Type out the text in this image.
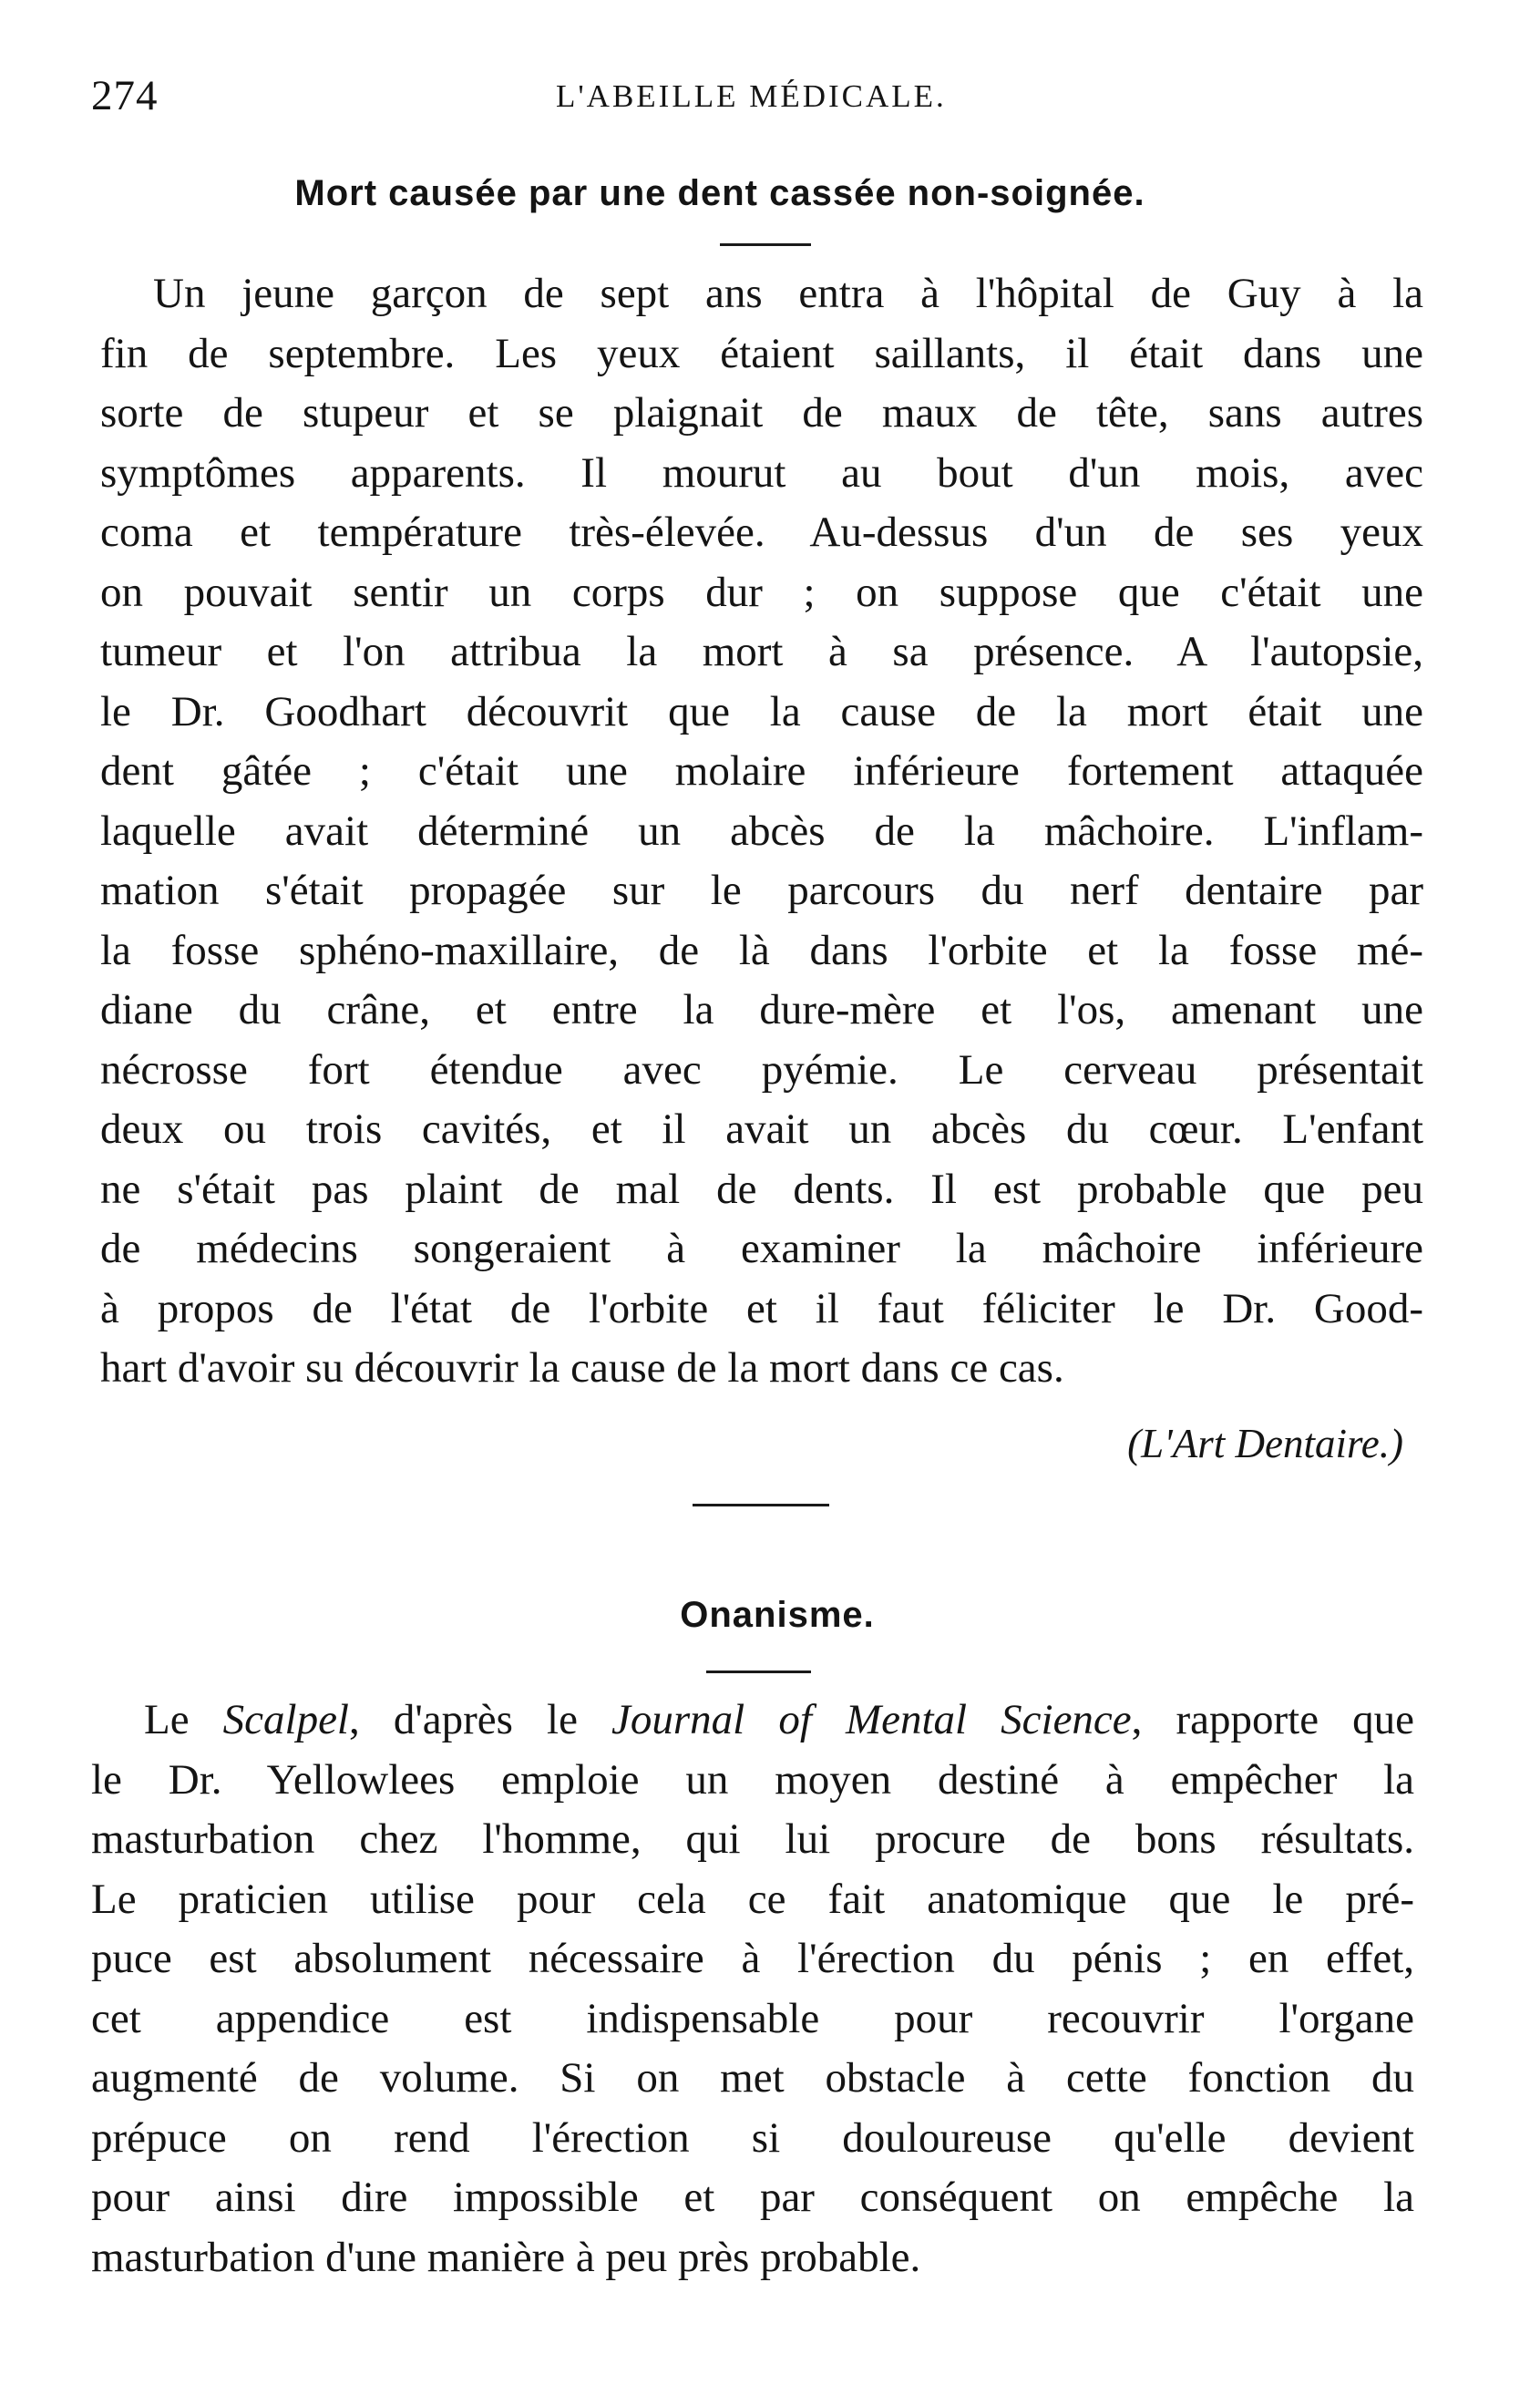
274	L'ABEILLE MÉDICALE.
Mort causée par une dent cassée non-soignée.
Un jeune garçon de sept ans entra à l'hôpital de Guy à la
fin de septembre. Les yeux étaient saillants, il était dans une
sorte de stupeur et se plaignait de maux de tête, sans autres
symptômes apparents. Il mourut au bout d'un mois, avec
coma et température très-élevée. Au-dessus d'un de ses yeux
on pouvait sentir un corps dur ; on suppose que c'était une
tumeur et l'on attribua la mort à sa présence. A l'autopsie,
le Dr. Goodhart découvrit que la cause de la mort était une
dent gâtée ; c'était une molaire inférieure fortement attaquée
laquelle avait déterminé un abcès de la mâchoire. L'inflam-
mation s'était propagée sur le parcours du nerf dentaire par
la fosse sphéno-maxillaire, de là dans l'orbite et la fosse mé-
diane du crâne, et entre la dure-mère et l'os, amenant une
nécrosse fort étendue avec pyémie. Le cerveau présentait
deux ou trois cavités, et il avait un abcès du cœur. L'enfant
ne s'était pas plaint de mal de dents. Il est probable que peu
de médecins songeraient à examiner la mâchoire inférieure
à propos de l'état de l'orbite et il faut féliciter le Dr. Good-
hart d'avoir su découvrir la cause de la mort dans ce cas.
(L'Art Dentaire.)
Onanisme.
Le Scalpel, d'après le Journal of Mental Science, rapporte que
le Dr. Yellowlees emploie un moyen destiné à empêcher la
masturbation chez l'homme, qui lui procure de bons résultats.
Le praticien utilise pour cela ce fait anatomique que le pré-
puce est absolument nécessaire à l'érection du pénis ; en effet,
cet appendice est indispensable pour recouvrir l'organe
augmenté de volume. Si on met obstacle à cette fonction du
prépuce on rend l'érection si douloureuse qu'elle devient
pour ainsi dire impossible et par conséquent on empêche la
masturbation d'une manière à peu près probable.
